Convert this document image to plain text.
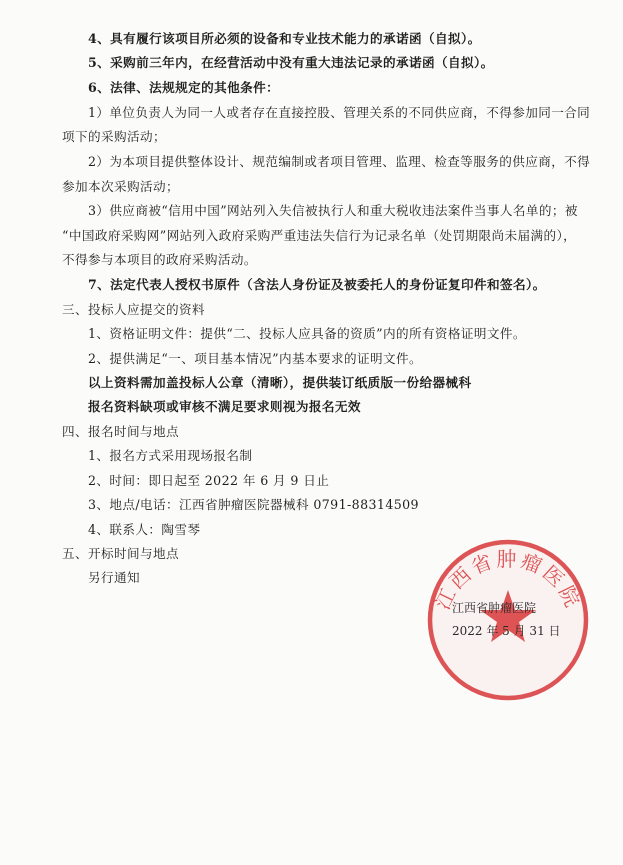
4、具有履行该项目所必须的设备和专业技术能力的承诺函（自拟）。
5、采购前三年内，在经营活动中没有重大违法记录的承诺函（自拟）。
6、法律、法规规定的其他条件：
1）单位负责人为同一人或者存在直接控股、管理关系的不同供应商，不得参加同一合同
项下的采购活动；
2）为本项目提供整体设计、规范编制或者项目管理、监理、检查等服务的供应商，不得
参加本次采购活动；
3）供应商被“信用中国”网站列入失信被执行人和重大税收违法案件当事人名单的；被
“中国政府采购网”网站列入政府采购严重违法失信行为记录名单（处罚期限尚未届满的），
不得参与本项目的政府采购活动。
7、法定代表人授权书原件（含法人身份证及被委托人的身份证复印件和签名）。
三、投标人应提交的资料
1、资格证明文件：提供“二、投标人应具备的资质”内的所有资格证明文件。
2、提供满足“一、项目基本情况”内基本要求的证明文件。
以上资料需加盖投标人公章（清晰），提供装订纸质版一份给器械科
报名资料缺项或审核不满足要求则视为报名无效
四、报名时间与地点
1、报名方式采用现场报名制
2、时间：即日起至 2022 年 6 月 9 日止
3、地点/电话：江西省肿瘤医院器械科 0791-88314509
4、联系人：陶雪琴
五、开标时间与地点
另行通知
江西省肿瘤医院
江西省肿瘤医院
2022 年 5 月 31 日
